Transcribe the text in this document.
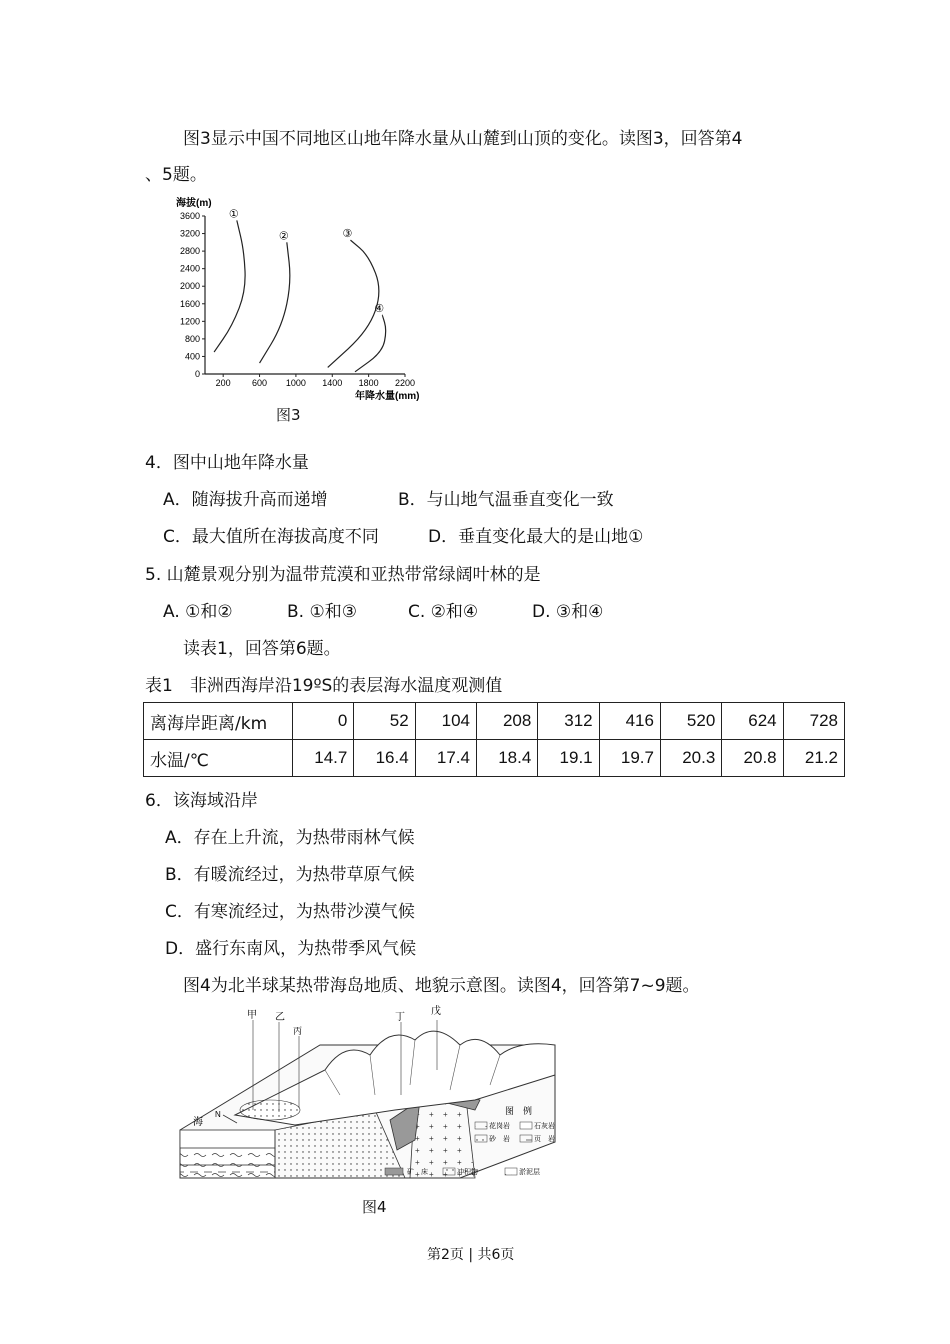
图3显示中国不同地区山地年降水量从山麓到山顶的变化。读图3，回答第4
、5题。
海拔(m)
3600
3200
2800
2400
2000
1600
1200
800
400
0
200 600 1000 1400 1800 2200
①
②	③
④
年降水量(mm)
图3
4．图中山地年降水量
A．随海拔升高而递增	B．与山地气温垂直变化一致
C．最大值所在海拔高度不同	D．垂直变化最大的是山地①
5. 山麓景观分别为温带荒漠和亚热带常绿阔叶林的是
A. ①和②	B. ①和③	C. ②和④	D. ③和④
读表1，回答第6题。
表1　非洲西海岸沿19ºS的表层海水温度观测值
离海岸距离/km	0	52	104	208	312	416	520	624	728
水温/℃	14.7	16.4	17.4	18.4	19.1	19.7	20.3	20.8	21.2
6．该海域沿岸
A．存在上升流，为热带雨林气候
B．有暖流经过，为热带草原气候
C．有寒流经过，为热带沙漠气候
D．盛行东南风，为热带季风气候
图4为北半球某热带海岛地质、地貌示意图。读图4，回答第7~9题。
甲 乙
丙
丁
戊
海
N	图　例
花岗岩	石灰岩
砂　岩	页　岩
矿　床	冲积物	淤泥层
图4
第2页 | 共6页
